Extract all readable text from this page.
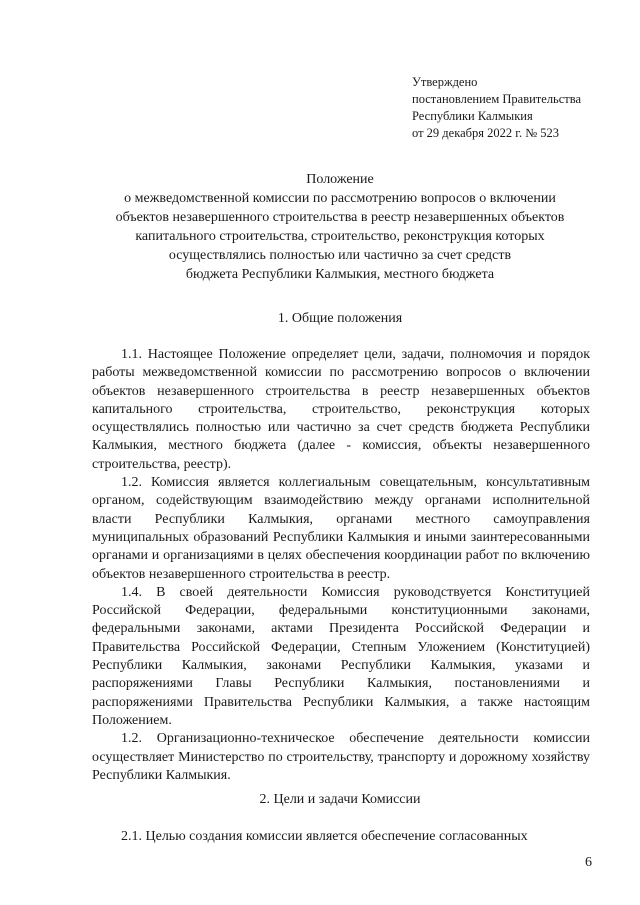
Утверждено
постановлением Правительства
Республики Калмыкия
от 29 декабря 2022 г. № 523
Положение
о межведомственной комиссии по рассмотрению вопросов о включении
объектов незавершенного строительства в реестр незавершенных объектов
капитального строительства, строительство, реконструкция которых
осуществлялись полностью или частично за счет средств
бюджета Республики Калмыкия, местного бюджета
1. Общие положения

1.1. Настоящее Положение определяет цели, задачи, полномочия и порядок работы межведомственной комиссии по рассмотрению вопросов о включении объектов незавершенного строительства в реестр незавершенных объектов капитального строительства, строительство, реконструкция которых осуществлялись полностью или частично за счет средств бюджета Республики Калмыкия, местного бюджета (далее - комиссия, объекты незавершенного строительства, реестр).

1.2. Комиссия является коллегиальным совещательным, консультативным органом, содействующим взаимодействию между органами исполнительной власти Республики Калмыкия, органами местного самоуправления муниципальных образований Республики Калмыкия и иными заинтересованными органами и организациями в целях обеспечения координации работ по включению объектов незавершенного строительства в реестр.

1.4. В своей деятельности Комиссия руководствуется Конституцией Российской Федерации, федеральными конституционными законами, федеральными законами, актами Президента Российской Федерации и Правительства Российской Федерации, Степным Уложением (Конституцией) Республики Калмыкия, законами Республики Калмыкия, указами и распоряжениями Главы Республики Калмыкия, постановлениями и распоряжениями Правительства Республики Калмыкия, а также настоящим Положением.

1.2. Организационно-техническое обеспечение деятельности комиссии осуществляет Министерство по строительству, транспорту и дорожному хозяйству Республики Калмыкия.

2. Цели и задачи Комиссии

2.1. Целью создания комиссии является обеспечение согласованных

6
